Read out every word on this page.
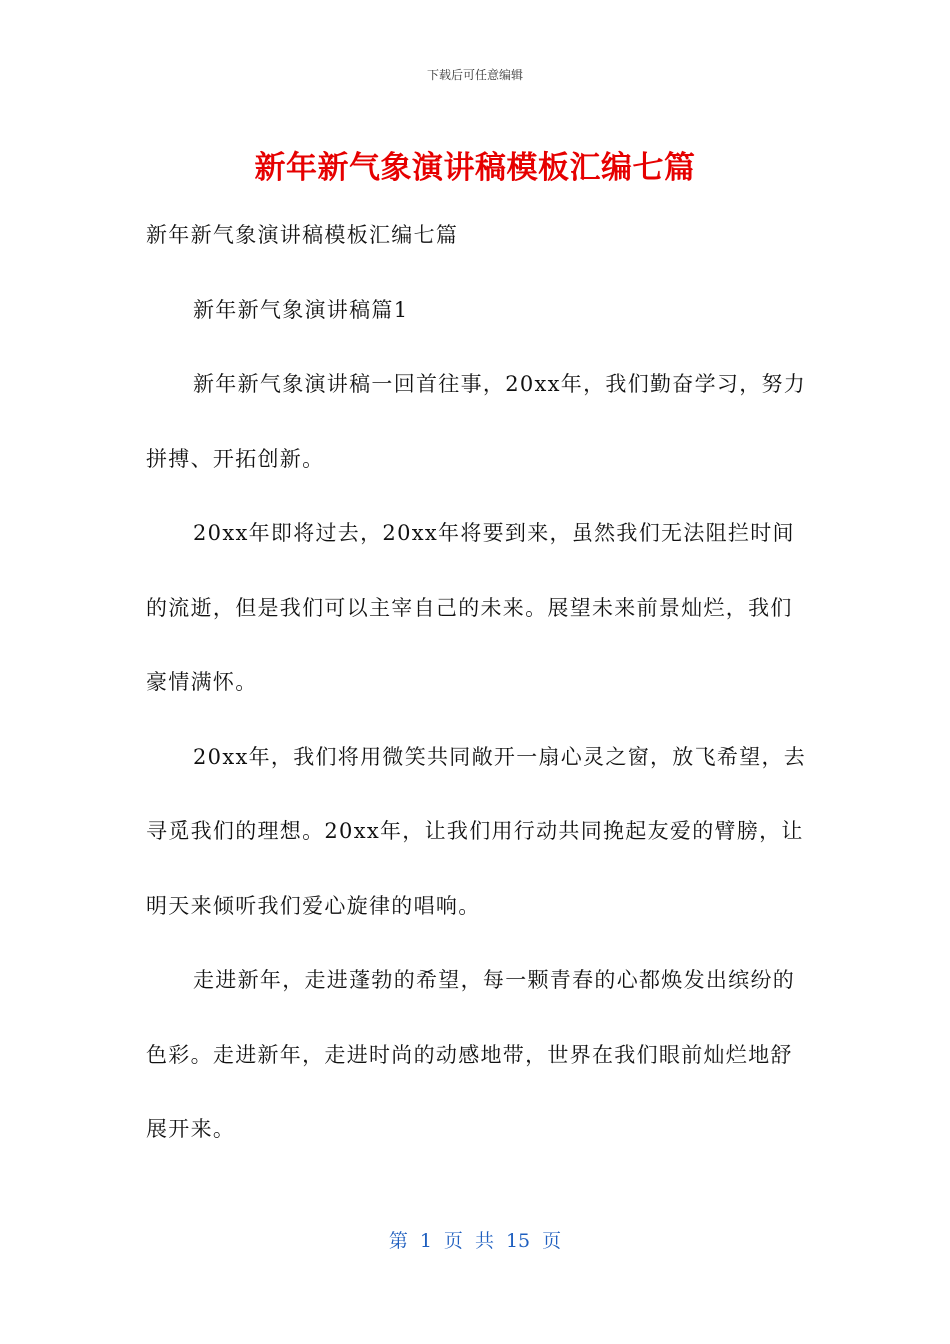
下载后可任意编辑
新年新气象演讲稿模板汇编七篇

新年新气象演讲稿模板汇编七篇

新年新气象演讲稿篇1

新年新气象演讲稿一回首往事，20xx年，我们勤奋学习，努力拼搏、开拓创新。

20xx年即将过去，20xx年将要到来，虽然我们无法阻拦时间的流逝，但是我们可以主宰自己的未来。展望未来前景灿烂，我们豪情满怀。

20xx年，我们将用微笑共同敞开一扇心灵之窗，放飞希望，去寻觅我们的理想。20xx年，让我们用行动共同挽起友爱的臂膀，让明天来倾听我们爱心旋律的唱响。

走进新年，走进蓬勃的希望，每一颗青春的心都焕发出缤纷的色彩。走进新年，走进时尚的动感地带，世界在我们眼前灿烂地舒展开来。

第 1 页 共 15 页
